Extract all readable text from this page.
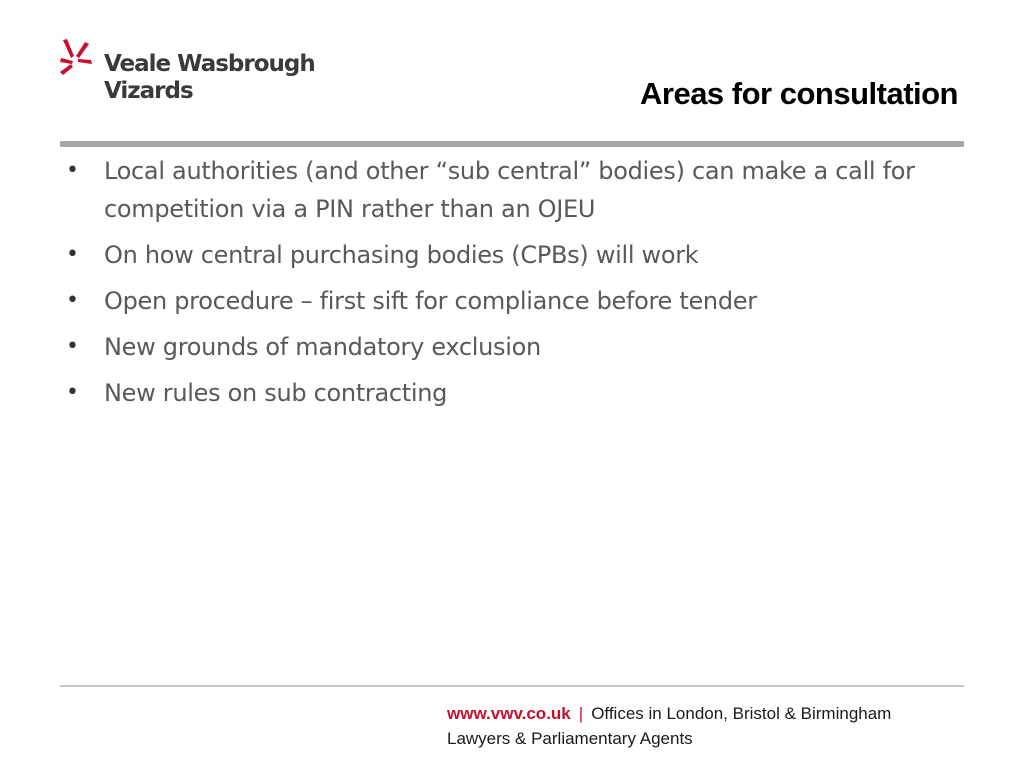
Veale Wasbrough
Vizards	Areas for consultation
• Local authorities (and other “sub central” bodies) can make a call for competition via a PIN rather than an OJEU
• On how central purchasing bodies (CPBs) will work
• Open procedure – first sift for compliance before tender
• New grounds of mandatory exclusion
• New rules on sub contracting
www.vwv.co.uk | Offices in London, Bristol & Birmingham
Lawyers & Parliamentary Agents
